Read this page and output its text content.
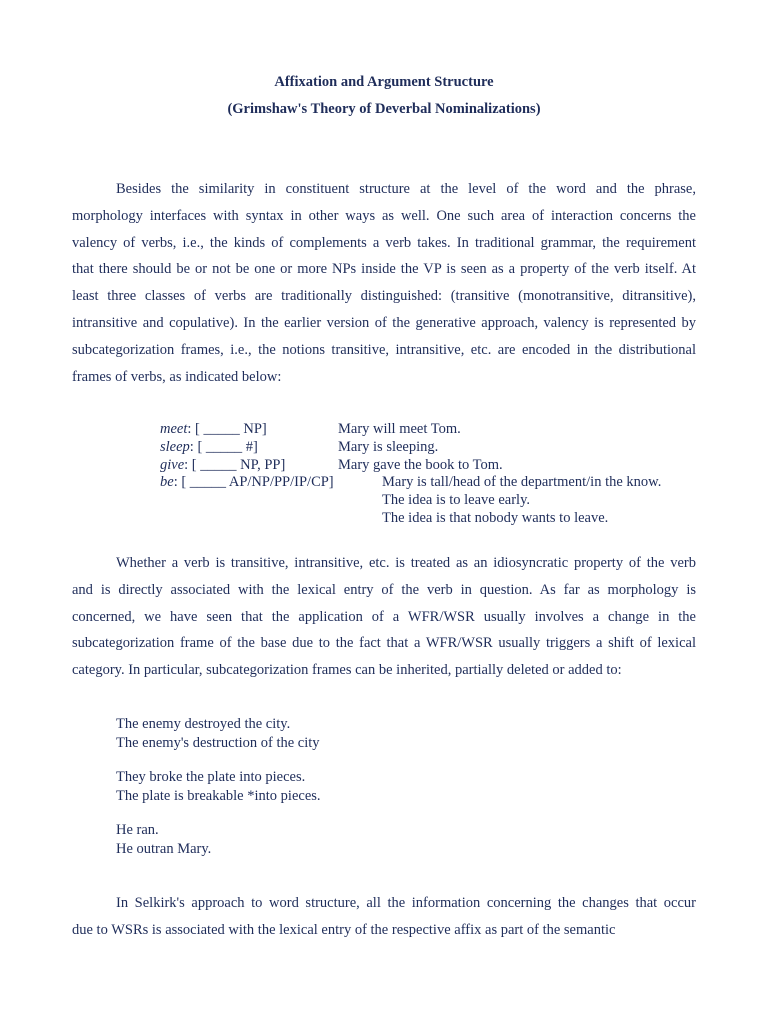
Affixation and Argument Structure
(Grimshaw's Theory of Deverbal Nominalizations)

Besides the similarity in constituent structure at the level of the word and the phrase,
morphology interfaces with syntax in other ways as well. One such area of interaction concerns the
valency of verbs, i.e., the kinds of complements a verb takes. In traditional grammar, the requirement
that there should be or not be one or more NPs inside the VP is seen as a property of the verb itself. At
least three classes of verbs are traditionally distinguished: (transitive (monotransitive, ditransitive),
intransitive and copulative). In the earlier version of the generative approach, valency is represented by
subcategorization frames, i.e., the notions transitive, intransitive, etc. are encoded in the distributional
frames of verbs, as indicated below:

meet: [ _____ NP]	Mary will meet Tom.
sleep: [ _____ #]	Mary is sleeping.
give: [ _____ NP, PP]	Mary gave the book to Tom.
be: [ _____ AP/NP/PP/IP/CP]	Mary is tall/head of the department/in the know.
The idea is to leave early.
The idea is that nobody wants to leave.

Whether a verb is transitive, intransitive, etc. is treated as an idiosyncratic property of the verb
and is directly associated with the lexical entry of the verb in question. As far as morphology is
concerned, we have seen that the application of a WFR/WSR usually involves a change in the
subcategorization frame of the base due to the fact that a WFR/WSR usually triggers a shift of lexical
category. In particular, subcategorization frames can be inherited, partially deleted or added to:

The enemy destroyed the city.
The enemy's destruction of the city
They broke the plate into pieces.
The plate is breakable *into pieces.
He ran.
He outran Mary.

In Selkirk's approach to word structure, all the information concerning the changes that occur
due to WSRs is associated with the lexical entry of the respective affix as part of the semantic
